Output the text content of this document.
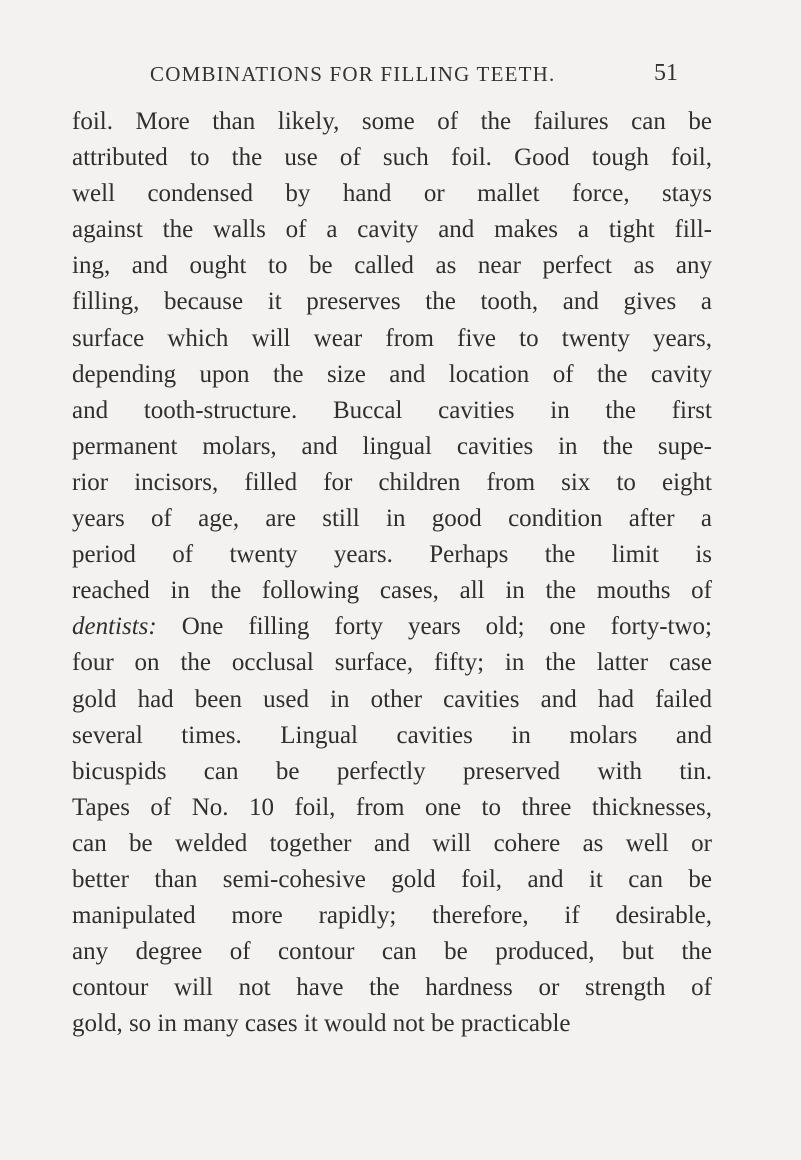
COMBINATIONS FOR FILLING TEETH.	51
foil. More than likely, some of the failures can be
attributed to the use of such foil. Good tough foil,
well condensed by hand or mallet force, stays
against the walls of a cavity and makes a tight fill-
ing, and ought to be called as near perfect as any
filling, because it preserves the tooth, and gives a
surface which will wear from five to twenty years,
depending upon the size and location of the cavity
and tooth-structure. Buccal cavities in the first
permanent molars, and lingual cavities in the supe-
rior incisors, filled for children from six to eight
years of age, are still in good condition after a
period of twenty years. Perhaps the limit is
reached in the following cases, all in the mouths of
dentists: One filling forty years old; one forty-two;
four on the occlusal surface, fifty; in the latter case
gold had been used in other cavities and had failed
several times. Lingual cavities in molars and
bicuspids can be perfectly preserved with tin.
Tapes of No. 10 foil, from one to three thicknesses,
can be welded together and will cohere as well or
better than semi-cohesive gold foil, and it can be
manipulated more rapidly; therefore, if desirable,
any degree of contour can be produced, but the
contour will not have the hardness or strength of
gold, so in many cases it would not be practicable
